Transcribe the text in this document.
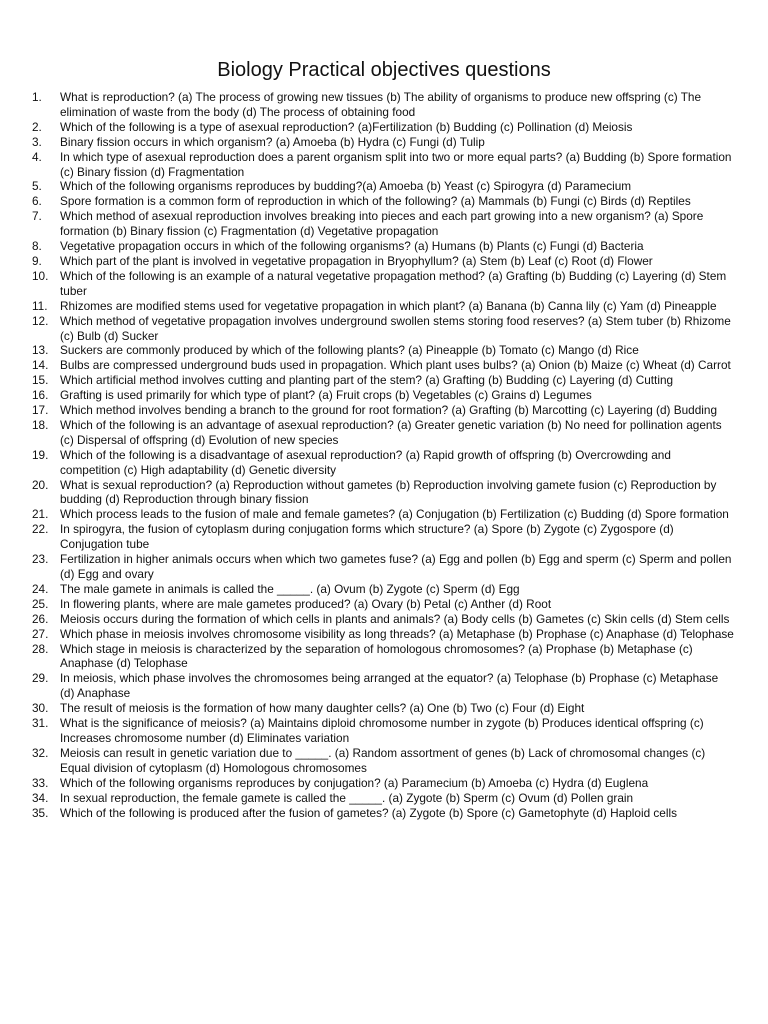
Biology Practical objectives questions
1.	What is reproduction? (a) The process of growing new tissues (b) The ability of organisms to produce new offspring (c) The elimination of waste from the body (d) The process of obtaining food
2.	Which of the following is a type of asexual reproduction? (a)Fertilization (b) Budding (c) Pollination (d) Meiosis
3.	Binary fission occurs in which organism? (a) Amoeba (b) Hydra (c) Fungi (d) Tulip
4.	In which type of asexual reproduction does a parent organism split into two or more equal parts? (a) Budding (b) Spore formation (c) Binary fission (d) Fragmentation
5.	Which of the following organisms reproduces by budding?(a) Amoeba (b) Yeast (c) Spirogyra (d) Paramecium
6.	Spore formation is a common form of reproduction in which of the following? (a) Mammals (b) Fungi (c) Birds (d) Reptiles
7.	Which method of asexual reproduction involves breaking into pieces and each part growing into a new organism? (a) Spore formation (b) Binary fission (c) Fragmentation (d) Vegetative propagation
8.	Vegetative propagation occurs in which of the following organisms? (a) Humans (b) Plants (c) Fungi (d) Bacteria
9.	Which part of the plant is involved in vegetative propagation in Bryophyllum? (a) Stem (b) Leaf (c) Root (d) Flower
10. Which of the following is an example of a natural vegetative propagation method? (a) Grafting (b) Budding (c) Layering (d) Stem tuber
11.	Rhizomes are modified stems used for vegetative propagation in which plant? (a) Banana (b) Canna lily (c) Yam (d) Pineapple
12. Which method of vegetative propagation involves underground swollen stems storing food reserves? (a) Stem tuber (b) Rhizome (c) Bulb (d) Sucker
13. Suckers are commonly produced by which of the following plants? (a) Pineapple (b) Tomato (c) Mango (d) Rice
14. Bulbs are compressed underground buds used in propagation. Which plant uses bulbs? (a) Onion (b) Maize (c) Wheat (d) Carrot
15. Which artificial method involves cutting and planting part of the stem? (a) Grafting (b) Budding (c) Layering (d) Cutting
16. Grafting is used primarily for which type of plant? (a) Fruit crops (b) Vegetables (c) Grains d) Legumes
17. Which method involves bending a branch to the ground for root formation? (a) Grafting (b) Marcotting (c) Layering (d) Budding
18. Which of the following is an advantage of asexual reproduction? (a) Greater genetic variation (b) No need for pollination agents (c) Dispersal of offspring (d) Evolution of new species
19. Which of the following is a disadvantage of asexual reproduction? (a) Rapid growth of offspring (b) Overcrowding and competition (c) High adaptability (d) Genetic diversity
20. What is sexual reproduction? (a) Reproduction without gametes (b) Reproduction involving gamete fusion (c) Reproduction by budding (d) Reproduction through binary fission
21. Which process leads to the fusion of male and female gametes? (a) Conjugation (b) Fertilization (c) Budding (d) Spore formation
22. In spirogyra, the fusion of cytoplasm during conjugation forms which structure? (a) Spore (b) Zygote (c) Zygospore (d) Conjugation tube
23. Fertilization in higher animals occurs when which two gametes fuse? (a) Egg and pollen (b) Egg and sperm (c) Sperm and pollen (d) Egg and ovary
24. The male gamete in animals is called the _____. (a) Ovum (b) Zygote (c) Sperm (d) Egg
25. In flowering plants, where are male gametes produced? (a) Ovary (b) Petal (c) Anther (d) Root
26. Meiosis occurs during the formation of which cells in plants and animals? (a) Body cells (b) Gametes (c) Skin cells (d) Stem cells
27. Which phase in meiosis involves chromosome visibility as long threads? (a) Metaphase (b) Prophase (c) Anaphase (d) Telophase
28. Which stage in meiosis is characterized by the separation of homologous chromosomes? (a) Prophase (b) Metaphase (c) Anaphase (d) Telophase
29. In meiosis, which phase involves the chromosomes being arranged at the equator? (a) Telophase (b) Prophase (c) Metaphase (d) Anaphase
30. The result of meiosis is the formation of how many daughter cells? (a) One (b) Two (c) Four (d) Eight
31. What is the significance of meiosis? (a) Maintains diploid chromosome number in zygote (b) Produces identical offspring (c) Increases chromosome number (d) Eliminates variation
32. Meiosis can result in genetic variation due to _____. (a) Random assortment of genes (b) Lack of chromosomal changes (c) Equal division of cytoplasm (d) Homologous chromosomes
33. Which of the following organisms reproduces by conjugation? (a) Paramecium (b) Amoeba (c) Hydra (d) Euglena
34. In sexual reproduction, the female gamete is called the _____. (a) Zygote (b) Sperm (c) Ovum (d) Pollen grain
35. Which of the following is produced after the fusion of gametes? (a) Zygote (b) Spore (c) Gametophyte (d) Haploid cells
